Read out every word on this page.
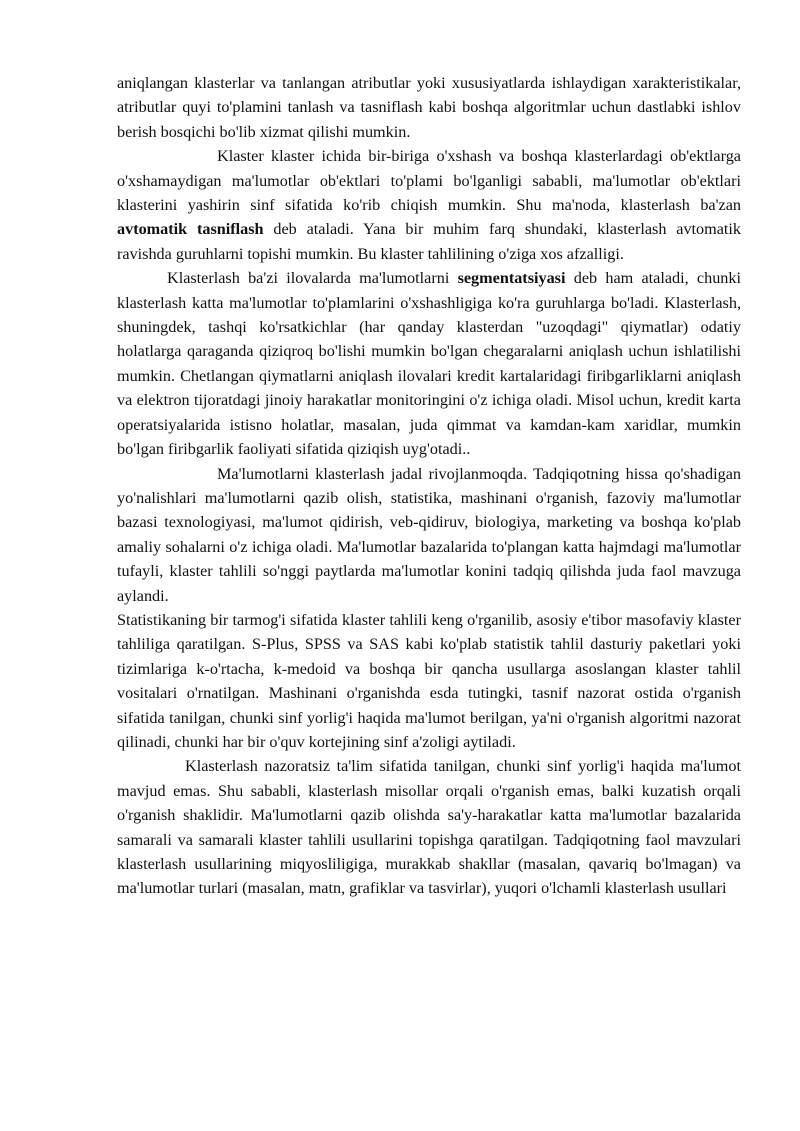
aniqlangan klasterlar va tanlangan atributlar yoki xususiyatlarda ishlaydigan xarakteristikalar, atributlar quyi to'plamini tanlash va tasniflash kabi boshqa algoritmlar uchun dastlabki ishlov berish bosqichi bo'lib xizmat qilishi mumkin.

Klaster klaster ichida bir-biriga o'xshash va boshqa klasterlardagi ob'ektlarga o'xshamaydigan ma'lumotlar ob'ektlari to'plami bo'lganligi sababli, ma'lumotlar ob'ektlari klasterini yashirin sinf sifatida ko'rib chiqish mumkin. Shu ma'noda, klasterlash ba'zan avtomatik tasniflash deb ataladi. Yana bir muhim farq shundaki, klasterlash avtomatik ravishda guruhlarni topishi mumkin. Bu klaster tahlilining o'ziga xos afzalligi.

Klasterlash ba'zi ilovalarda ma'lumotlarni segmentatsiyasi deb ham ataladi, chunki klasterlash katta ma'lumotlar to'plamlarini o'xshashligiga ko'ra guruhlarga bo'ladi. Klasterlash, shuningdek, tashqi ko'rsatkichlar (har qanday klasterdan "uzoqdagi" qiymatlar) odatiy holatlarga qaraganda qiziqroq bo'lishi mumkin bo'lgan chegaralarni aniqlash uchun ishlatilishi mumkin. Chetlangan qiymatlarni aniqlash ilovalari kredit kartalaridagi firibgarliklarni aniqlash va elektron tijoratdagi jinoiy harakatlar monitoringini o'z ichiga oladi. Misol uchun, kredit karta operatsiyalarida istisno holatlar, masalan, juda qimmat va kamdan-kam xaridlar, mumkin bo'lgan firibgarlik faoliyati sifatida qiziqish uyg'otadi..

Ma'lumotlarni klasterlash jadal rivojlanmoqda. Tadqiqotning hissa qo'shadigan yo'nalishlari ma'lumotlarni qazib olish, statistika, mashinani o'rganish, fazoviy ma'lumotlar bazasi texnologiyasi, ma'lumot qidirish, veb-qidiruv, biologiya, marketing va boshqa ko'plab amaliy sohalarni o'z ichiga oladi. Ma'lumotlar bazalarida to'plangan katta hajmdagi ma'lumotlar tufayli, klaster tahlili so'nggi paytlarda ma'lumotlar konini tadqiq qilishda juda faol mavzuga aylandi.

Statistikaning bir tarmog'i sifatida klaster tahlili keng o'rganilib, asosiy e'tibor masofaviy klaster tahliliga qaratilgan. S-Plus, SPSS va SAS kabi ko'plab statistik tahlil dasturiy paketlari yoki tizimlariga k-o'rtacha, k-medoid va boshqa bir qancha usullarga asoslangan klaster tahlil vositalari o'rnatilgan. Mashinani o'rganishda esda tutingki, tasnif nazorat ostida o'rganish sifatida tanilgan, chunki sinf yorlig'i haqida ma'lumot berilgan, ya'ni o'rganish algoritmi nazorat qilinadi, chunki har bir o'quv kortejining sinf a'zoligi aytiladi.

Klasterlash nazoratsiz ta'lim sifatida tanilgan, chunki sinf yorlig'i haqida ma'lumot mavjud emas. Shu sababli, klasterlash misollar orqali o'rganish emas, balki kuzatish orqali o'rganish shaklidir. Ma'lumotlarni qazib olishda sa'y-harakatlar katta ma'lumotlar bazalarida samarali va samarali klaster tahlili usullarini topishga qaratilgan. Tadqiqotning faol mavzulari klasterlash usullarining miqyosliligiga, murakkab shakllar (masalan, qavariq bo'lmagan) va ma'lumotlar turlari (masalan, matn, grafiklar va tasvirlar), yuqori o'lchamli klasterlash usullari
